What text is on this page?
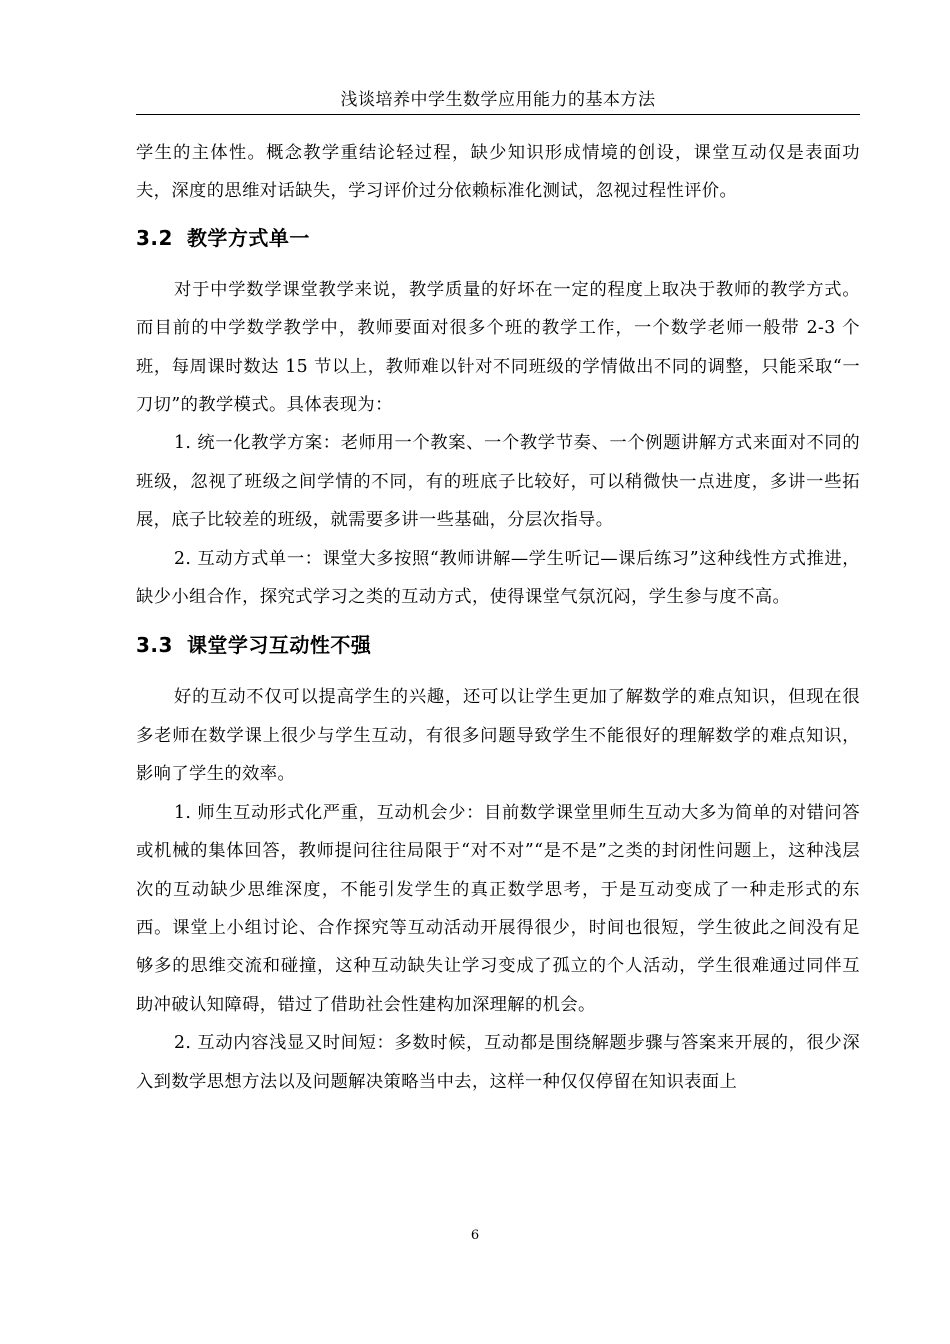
浅谈培养中学生数学应用能力的基本方法

学生的主体性。概念教学重结论轻过程，缺少知识形成情境的创设，课堂互动仅是表面功夫，深度的思维对话缺失，学习评价过分依赖标准化测试，忽视过程性评价。

3.2 教学方式单一

对于中学数学课堂教学来说，教学质量的好坏在一定的程度上取决于教师的教学方式。而目前的中学数学教学中，教师要面对很多个班的教学工作，一个数学老师一般带 2-3 个班，每周课时数达 15 节以上，教师难以针对不同班级的学情做出不同的调整，只能采取“一刀切”的教学模式。具体表现为：

1. 统一化教学方案：老师用一个教案、一个教学节奏、一个例题讲解方式来面对不同的班级，忽视了班级之间学情的不同，有的班底子比较好，可以稍微快一点进度，多讲一些拓展，底子比较差的班级，就需要多讲一些基础，分层次指导。

2. 互动方式单一：课堂大多按照“教师讲解—学生听记—课后练习”这种线性方式推进，缺少小组合作，探究式学习之类的互动方式，使得课堂气氛沉闷，学生参与度不高。

3.3 课堂学习互动性不强

好的互动不仅可以提高学生的兴趣，还可以让学生更加了解数学的难点知识，但现在很多老师在数学课上很少与学生互动，有很多问题导致学生不能很好的理解数学的难点知识，影响了学生的效率。

1. 师生互动形式化严重，互动机会少：目前数学课堂里师生互动大多为简单的对错问答或机械的集体回答，教师提问往往局限于“对不对”“是不是”之类的封闭性问题上，这种浅层次的互动缺少思维深度，不能引发学生的真正数学思考，于是互动变成了一种走形式的东西。课堂上小组讨论、合作探究等互动活动开展得很少，时间也很短，学生彼此之间没有足够多的思维交流和碰撞，这种互动缺失让学习变成了孤立的个人活动，学生很难通过同伴互助冲破认知障碍，错过了借助社会性建构加深理解的机会。

2. 互动内容浅显又时间短：多数时候，互动都是围绕解题步骤与答案来开展的，很少深入到数学思想方法以及问题解决策略当中去，这样一种仅仅停留在知识表面上

6
